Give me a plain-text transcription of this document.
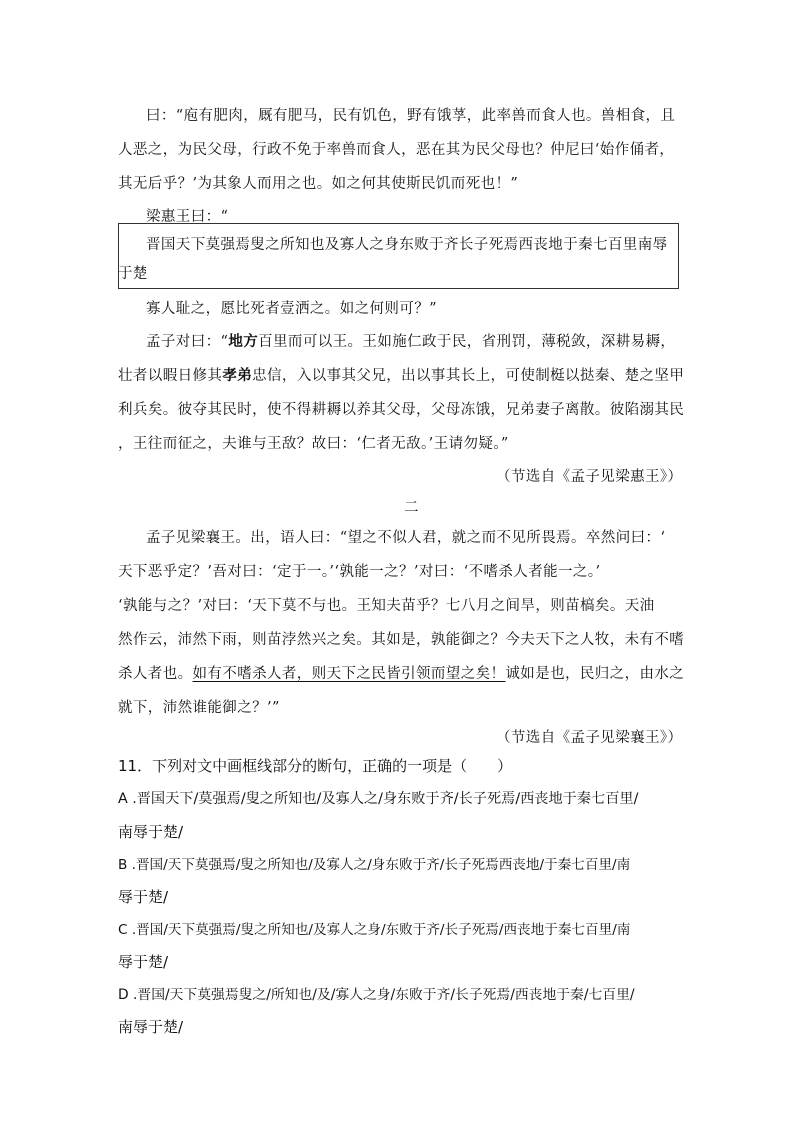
曰：“庖有肥肉，厩有肥马，民有饥色，野有饿莩，此率兽而食人也。兽相食，且
人恶之，为民父母，行政不免于率兽而食人，恶在其为民父母也？仲尼曰‘始作俑者，
其无后乎？’为其象人而用之也。如之何其使斯民饥而死也！”
梁惠王曰：“
晋国天下莫强焉叟之所知也及寡人之身东败于齐长子死焉西丧地于秦七百里南辱
于楚
寡人耻之，愿比死者壹洒之。如之何则可？”
孟子对曰：“地方百里而可以王。王如施仁政于民，省刑罚，薄税敛，深耕易耨，
壮者以暇日修其孝弟忠信，入以事其父兄，出以事其长上，可使制梃以挞秦、楚之坚甲
利兵矣。彼夺其民时，使不得耕耨以养其父母，父母冻饿，兄弟妻子离散。彼陷溺其民
，王往而征之，夫谁与王敌？故曰：‘仁者无敌。’王请勿疑。”
（节选自《孟子见梁惠王》）
二
孟子见梁襄王。出，语人曰：“望之不似人君，就之而不见所畏焉。卒然问曰：‘
天下恶乎定？’吾对曰：‘定于一。’‘孰能一之？’对曰：‘不嗜杀人者能一之。’
‘孰能与之？’对曰：‘天下莫不与也。王知夫苗乎？七八月之间旱，则苗槁矣。天油
然作云，沛然下雨，则苗浡然兴之矣。其如是，孰能御之？今夫天下之人牧，未有不嗜
杀人者也。如有不嗜杀人者，则天下之民皆引领而望之矣！诚如是也，民归之，由水之
就下，沛然谁能御之？’”
（节选自《孟子见梁襄王》）
11．下列对文中画框线部分的断句，正确的一项是（　　）
A .晋国天下/莫强焉/叟之所知也/及寡人之/身东败于齐/长子死焉/西丧地于秦七百里/
南辱于楚/
B .晋国/天下莫强焉/叟之所知也/及寡人之/身东败于齐/长子死焉西丧地/于秦七百里/南
辱于楚/
C .晋国/天下莫强焉/叟之所知也/及寡人之身/东败于齐/长子死焉/西丧地于秦七百里/南
辱于楚/
D .晋国/天下莫强焉叟之/所知也/及/寡人之身/东败于齐/长子死焉/西丧地于秦/七百里/
南辱于楚/
